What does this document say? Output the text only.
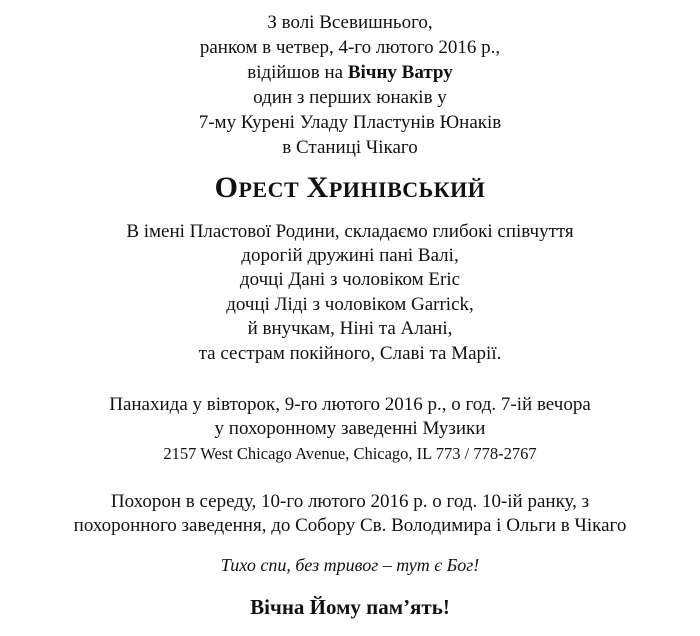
З волі Всевишнього,
ранком в четвер, 4-го лютого 2016 р.,
відійшов на Вічну Ватру
один з перших юнаків у
7-му Курені Уладу Пластунів Юнаків
в Станиці Чікаго
ОРЕСТ ХРИНІВСЬКИЙ
В імені Пластової Родини, складаємо глибокі співчуття
дорогій дружині пані Валі,
дочці Дані з чоловіком Eric
дочці Ліді з чоловіком Garrick,
й внучкам, Ніні та Алані,
та сестрам покійного, Славі та Марії.
Панахида у вівторок, 9-го лютого 2016 р., о год. 7-ій вечора
у похоронному заведенні Музики
2157 West Chicago Avenue, Chicago, IL 773 / 778-2767
Похорон в середу, 10-го лютого 2016 р. о год. 10-ій ранку, з
похоронного заведення, до Собору Св. Володимира і Ольги в Чікаго
Тихо спи, без тривог – тут є Бог!
Вічна Йому пам’ять!
